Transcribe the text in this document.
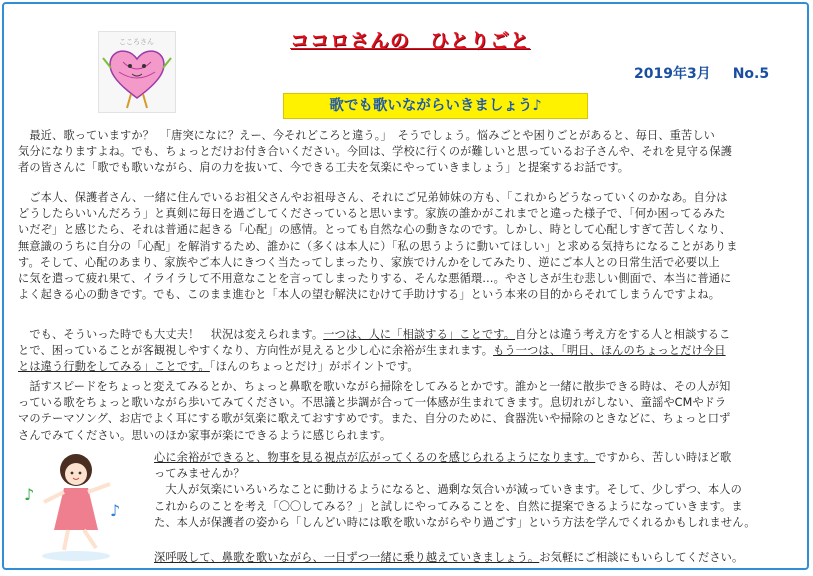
こころさん	ココロさんの　ひとりごと
2019年3月 No.5
歌でも歌いながらいきましょう♪
　最近、歌っていますか？　「唐突になに？えー、今それどころと違う。」　そうでしょう。悩みごとや困りごとがあると、毎日、重苦しい
気分になりますよね。でも、ちょっとだけお付き合いください。今回は、学校に行くのが難しいと思っているお子さんや、それを見守る保護
者の皆さんに「歌でも歌いながら、肩の力を抜いて、今できる工夫を気楽にやっていきましょう」と提案するお話です。
　ご本人、保護者さん、一緒に住んでいるお祖父さんやお祖母さん、それにご兄弟姉妹の方も、「これからどうなっていくのかなあ。自分は
どうしたらいいんだろう」と真剣に毎日を過ごしてくださっていると思います。家族の誰かがこれまでと違った様子で、「何か困ってるみた
いだぞ」と感じたら、それは普通に起きる「心配」の感情。とっても自然な心の動きなのです。しかし、時として心配しすぎて苦しくなり、
無意識のうちに自分の「心配」を解消するため、誰かに（多くは本人に）「私の思うように動いてほしい」と求める気持ちになることがありま
す。そして、心配のあまり、家族やご本人にきつく当たってしまったり、家族でけんかをしてみたり、逆にご本人との日常生活で必要以上
に気を遣って疲れ果て、イライラして不用意なことを言ってしまったりする、そんな悪循環…。やさしさが生む悲しい側面で、本当に普通に
よく起きる心の動きです。でも、このまま進むと「本人の望む解決にむけて手助けする」という本来の目的からそれてしまうんですよね。
　でも、そういった時でも大丈夫！　状況は変えられます。一つは、人に「相談する」ことです。自分とは違う考え方をする人と相談するこ
とで、困っていることが客観視しやすくなり、方向性が見えると少し心に余裕が生まれます。もう一つは、「明日、ほんのちょっとだけ今日
とは違う行動をしてみる」ことです。「ほんのちょっとだけ」がポイントです。
　話すスピードをちょっと変えてみるとか、ちょっと鼻歌を歌いながら掃除をしてみるとかです。誰かと一緒に散歩できる時は、その人が知
っている歌をちょっと歌いながら歩いてみてください。不思議と歩調が合って一体感が生まれてきます。息切れがしない、童謡やCMやドラ
マのテーマソング、お店でよく耳にする歌が気楽に歌えておすすめです。また、自分のために、食器洗いや掃除のときなどに、ちょっと口ず
さんでみてください。思いのほか家事が楽にできるように感じられます。
♪
♪
心に余裕ができると、物事を見る視点が広がってくるのを感じられるようになります。ですから、苦しい時ほど歌
ってみませんか？
　大人が気楽にいろいろなことに動けるようになると、過剰な気合いが減っていきます。そして、少しずつ、本人の
これからのことを考え「〇〇してみる？」と試しにやってみることを、自然に提案できるようになっていきます。ま
た、本人が保護者の姿から「しんどい時には歌を歌いながらやり過ごす」という方法を学んでくれるかもしれません。
深呼吸して、鼻歌を歌いながら、一日ずつ一緒に乗り越えていきましょう。お気軽にご相談にもいらしてください。
